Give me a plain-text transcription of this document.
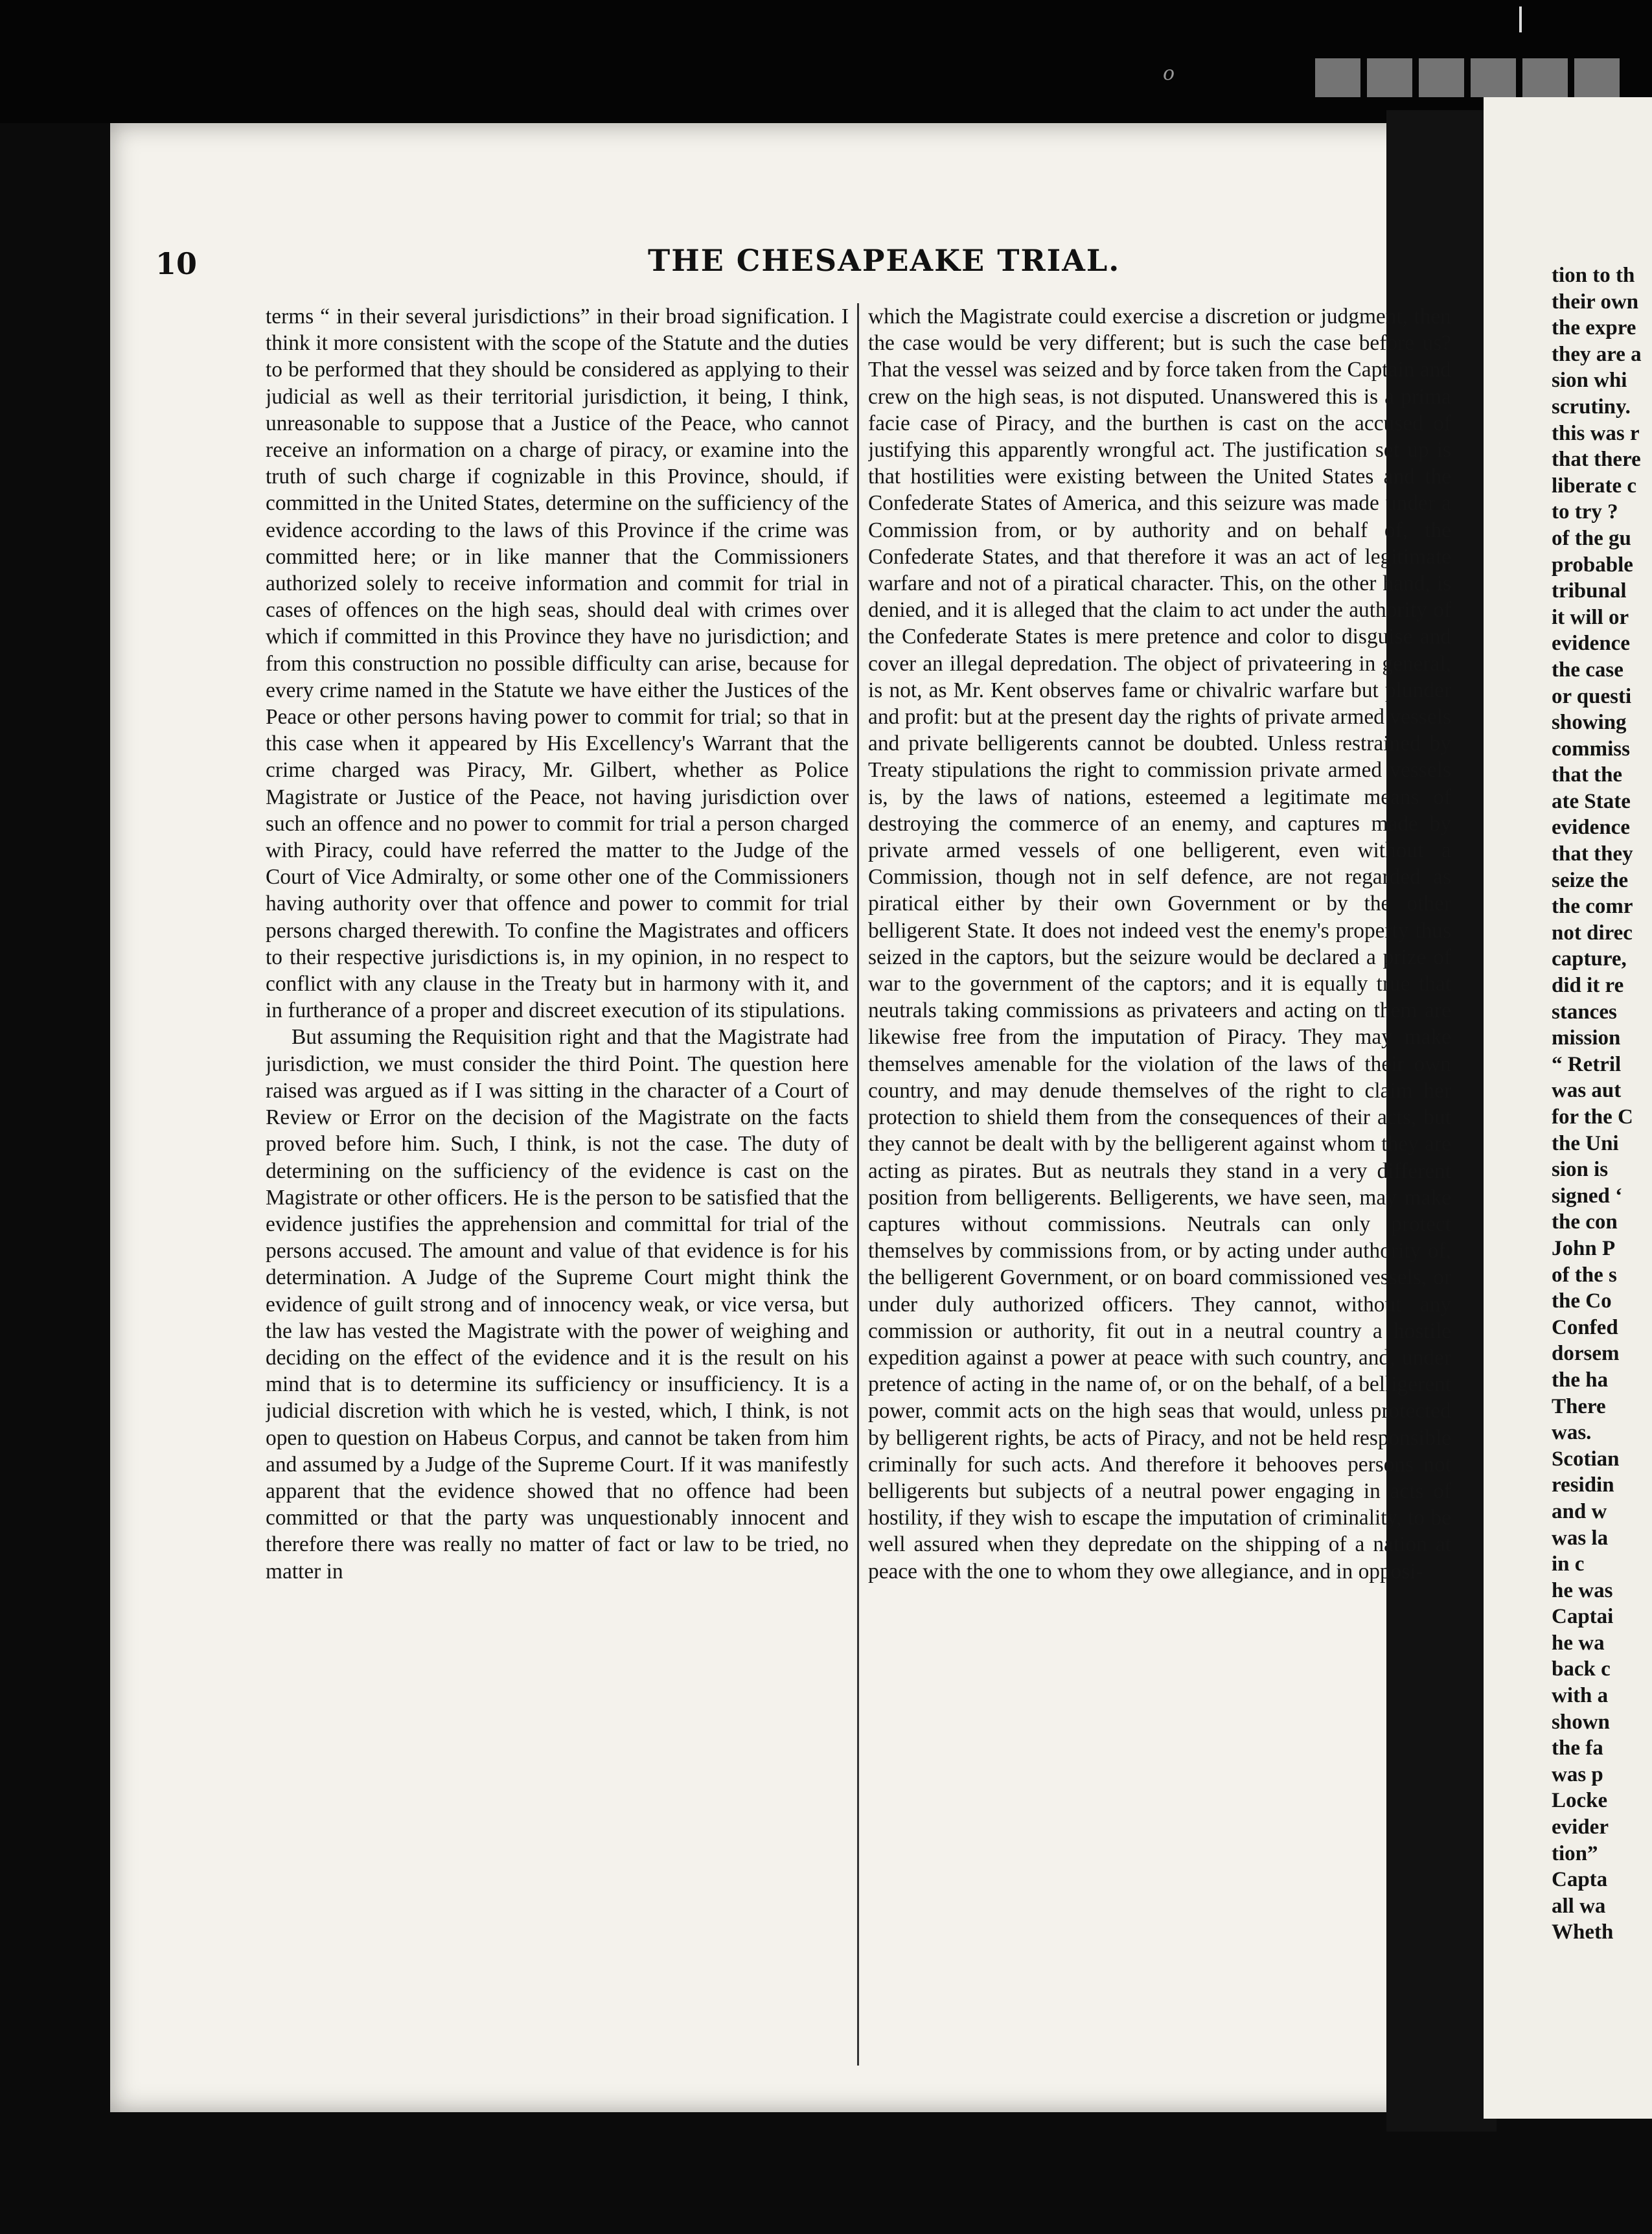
10	THE CHESAPEAKE TRIAL.

terms “ in their several jurisdictions” in their broad signification. I think it more consistent with the scope of the Statute and the duties to be performed that they should be considered as applying to their judicial as well as their territorial jurisdiction, it being, I think, unreasonable to suppose that a Justice of the Peace, who cannot receive an information on a charge of piracy, or examine into the truth of such charge if cognizable in this Province, should, if committed in the United States, determine on the sufficiency of the evidence according to the laws of this Province if the crime was committed here; or in like manner that the Commissioners authorized solely to receive information and commit for trial in cases of offences on the high seas, should deal with crimes over which if committed in this Province they have no jurisdiction; and from this construction no possible difficulty can arise, because for every crime named in the Statute we have either the Justices of the Peace or other persons having power to commit for trial; so that in this case when it appeared by His Excellency's Warrant that the crime charged was Piracy, Mr. Gilbert, whether as Police Magistrate or Justice of the Peace, not having jurisdiction over such an offence and no power to commit for trial a person charged with Piracy, could have referred the matter to the Judge of the Court of Vice Admiralty, or some other one of the Commissioners having authority over that offence and power to commit for trial persons charged therewith. To confine the Magistrates and officers to their respective jurisdictions is, in my opinion, in no respect to conflict with any clause in the Treaty but in harmony with it, and in furtherance of a proper and discreet execution of its stipulations.

But assuming the Requisition right and that the Magistrate had jurisdiction, we must consider the third Point. The question here raised was argued as if I was sitting in the character of a Court of Review or Error on the decision of the Magistrate on the facts proved before him. Such, I think, is not the case. The duty of determining on the sufficiency of the evidence is cast on the Magistrate or other officers. He is the person to be satisfied that the evidence justifies the apprehension and committal for trial of the persons accused. The amount and value of that evidence is for his determination. A Judge of the Supreme Court might think the evidence of guilt strong and of innocency weak, or vice versa, but the law has vested the Magistrate with the power of weighing and deciding on the effect of the evidence and it is the result on his mind that is to determine its sufficiency or insufficiency. It is a judicial discretion with which he is vested, which, I think, is not open to question on Habeus Corpus, and cannot be taken from him and assumed by a Judge of the Supreme Court. If it was manifestly apparent that the evidence showed that no offence had been committed or that the party was unquestionably innocent and therefore there was really no matter of fact or law to be tried, no matter in

which the Magistrate could exercise a discretion or judgment, then the case would be very different; but is such the case before us? That the vessel was seized and by force taken from the Captain and crew on the high seas, is not disputed. Unanswered this is a prima facie case of Piracy, and the burthen is cast on the accused of justifying this apparently wrongful act. The justification set up is that hostilities were existing between the United States and the Confederate States of America, and this seizure was made under a Commission from, or by authority and on behalf of, the Confederate States, and that therefore it was an act of legitimate warfare and not of a piratical character. This, on the other hand, is denied, and it is alleged that the claim to act under the authority of the Confederate States is mere pretence and color to disguise and cover an illegal depredation. The object of privateering in general, is not, as Mr. Kent observes fame or chivalric warfare but plunder and profit: but at the present day the rights of private armed vessels and private belligerents cannot be doubted. Unless restrained by Treaty stipulations the right to commission private armed vessels is, by the laws of nations, esteemed a legitimate means of destroying the commerce of an enemy, and captures made by private armed vessels of one belligerent, even without a Commission, though not in self defence, are not regarded as piratical either by their own Government or by the other belligerent State. It does not indeed vest the enemy's property thus seized in the captors, but the seizure would be declared a prize of war to the government of the captors; and it is equally true that neutrals taking commissions as privateers and acting on them are likewise free from the imputation of Piracy. They may make themselves amenable for the violation of the laws of their own country, and may denude themselves of the right to claim her protection to shield them from the consequences of their acts, but they cannot be dealt with by the belligerent against whom they are acting as pirates. But as neutrals they stand in a very different position from belligerents. Belligerents, we have seen, may make captures without commissions. Neutrals can only protect themselves by commissions from, or by acting under authority of, the belligerent Government, or on board commissioned vessels, or under duly authorized officers. They cannot, without any commission or authority, fit out in a neutral country a hostile expedition against a power at peace with such country, and, under pretence of acting in the name of, or on the behalf, of a belligerent power, commit acts on the high seas that would, unless protected by belligerent rights, be acts of Piracy, and not be held responsible criminally for such acts. And therefore it behooves persons not belligerents but subjects of a neutral power engaging in acts of hostility, if they wish to escape the imputation of criminality, to be well assured when they depredate on the shipping of a nation at peace with the one to whom they owe allegiance, and in opposi-

tion to th
their own
the expre
they are a
sion whi
scrutiny.
this was r
that there
liberate c
to try ?
of the gu
probable
tribunal
it will or
evidence
the case
or questi
showing
commiss
that the
ate State
evidence
that they
seize the
the comr
not direc
capture,
did it re
stances
mission
“ Retril
was aut
for the C
the Uni
sion is
signed ‘
the con
John P
of the s
the Co
Confed
dorsem
the ha
There
was.
Scotian
residin
and w
was la
in c
he was
Captai
he wa
back c
with a
shown
the fa
was p
Locke
evider
tion”
Capta
all wa
Wheth
o
